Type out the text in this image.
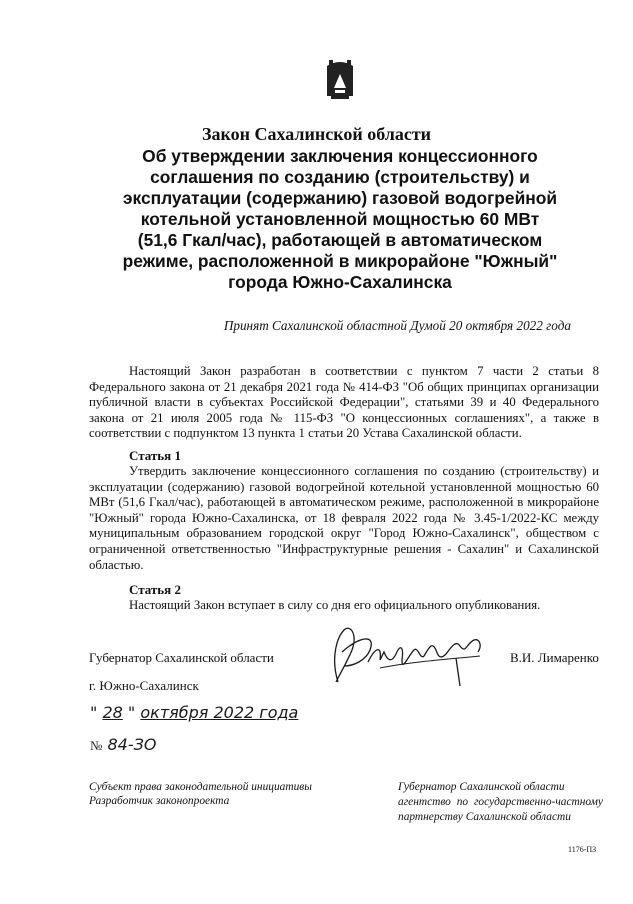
Закон Сахалинской области
Об утверждении заключения концессионного
соглашения по созданию (строительству) и
эксплуатации (содержанию) газовой водогрейной
котельной установленной мощностью 60 МВт
(51,6 Гкал/час), работающей в автоматическом
режиме, расположенной в микрорайоне "Южный"
города Южно-Сахалинска
Принят Сахалинской областной Думой 20 октября 2022 года

Настоящий Закон разработан в соответствии с пунктом 7 части 2 статьи 8 Федерального закона от 21 декабря 2021 года № 414-ФЗ "Об общих принципах организации публичной власти в субъектах Российской Федерации", статьями 39 и 40 Федерального закона от 21 июля 2005 года № 115-ФЗ "О концессионных соглашениях", а также в соответствии с подпунктом 13 пункта 1 статьи 20 Устава Сахалинской области.

Статья 1

Утвердить заключение концессионного соглашения по созданию (строительству) и эксплуатации (содержанию) газовой водогрейной котельной установленной мощностью 60 МВт (51,6 Гкал/час), работающей в автоматическом режиме, расположенной в микрорайоне "Южный" города Южно-Сахалинска, от 18 февраля 2022 года № 3.45-1/2022-КС между муниципальным образованием городской округ "Город Южно-Сахалинск", обществом с ограниченной ответственностью "Инфраструктурные решения - Сахалин" и Сахалинской областью.

Статья 2

Настоящий Закон вступает в силу со дня его официального опубликования.

Губернатор Сахалинской области	В.И. Лимаренко
г. Южно-Сахалинск
" 28 " октября 2022 года
№ 84-ЗО
Субъект права законодательной инициативы
Разработчик законопроекта
Губернатор Сахалинской области
агентство по государственно-частному партнерству Сахалинской области
1176-ПЗ
